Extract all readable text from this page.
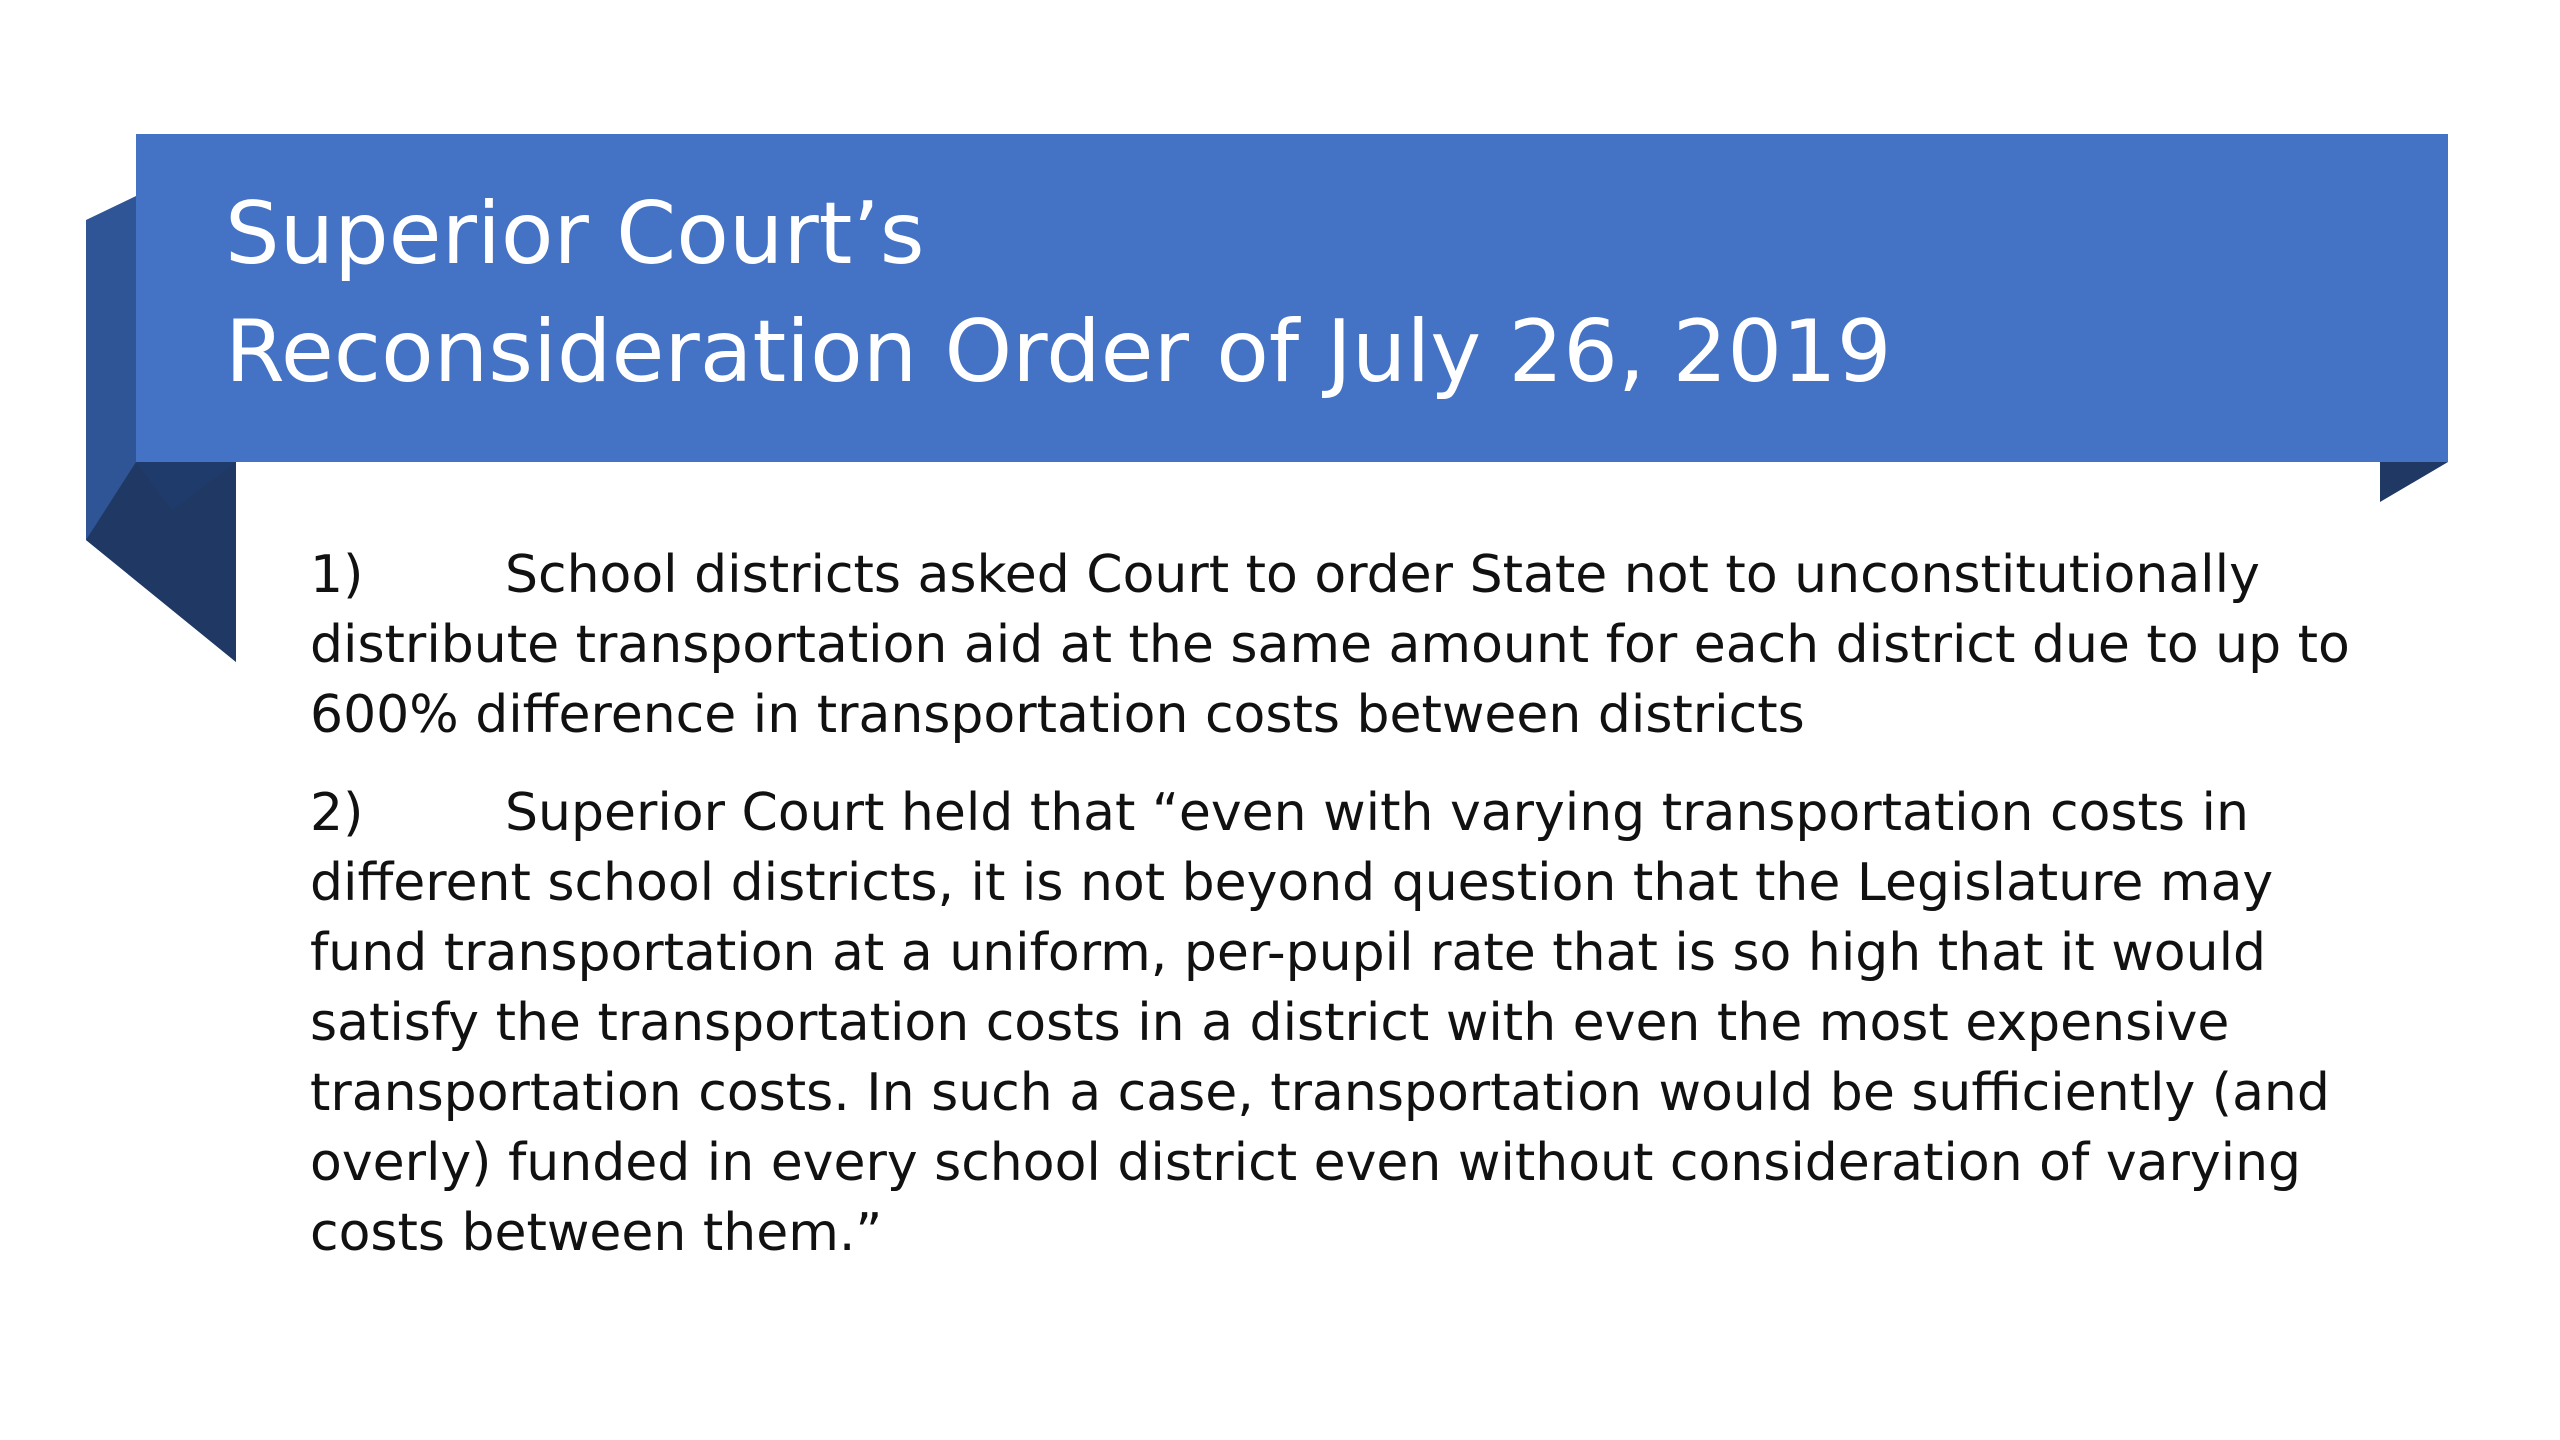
Superior Court’s
Reconsideration Order of July 26, 2019

1)	School districts asked Court to order State not to unconstitutionally distribute transportation aid at the same amount for each district due to up to 600% difference in transportation costs between districts

2)	Superior Court held that “even with varying transportation costs in different school districts, it is not beyond question that the Legislature may fund transportation at a uniform, per-pupil rate that is so high that it would satisfy the transportation costs in a district with even the most expensive transportation costs. In such a case, transportation would be sufficiently (and overly) funded in every school district even without consideration of varying costs between them.”
